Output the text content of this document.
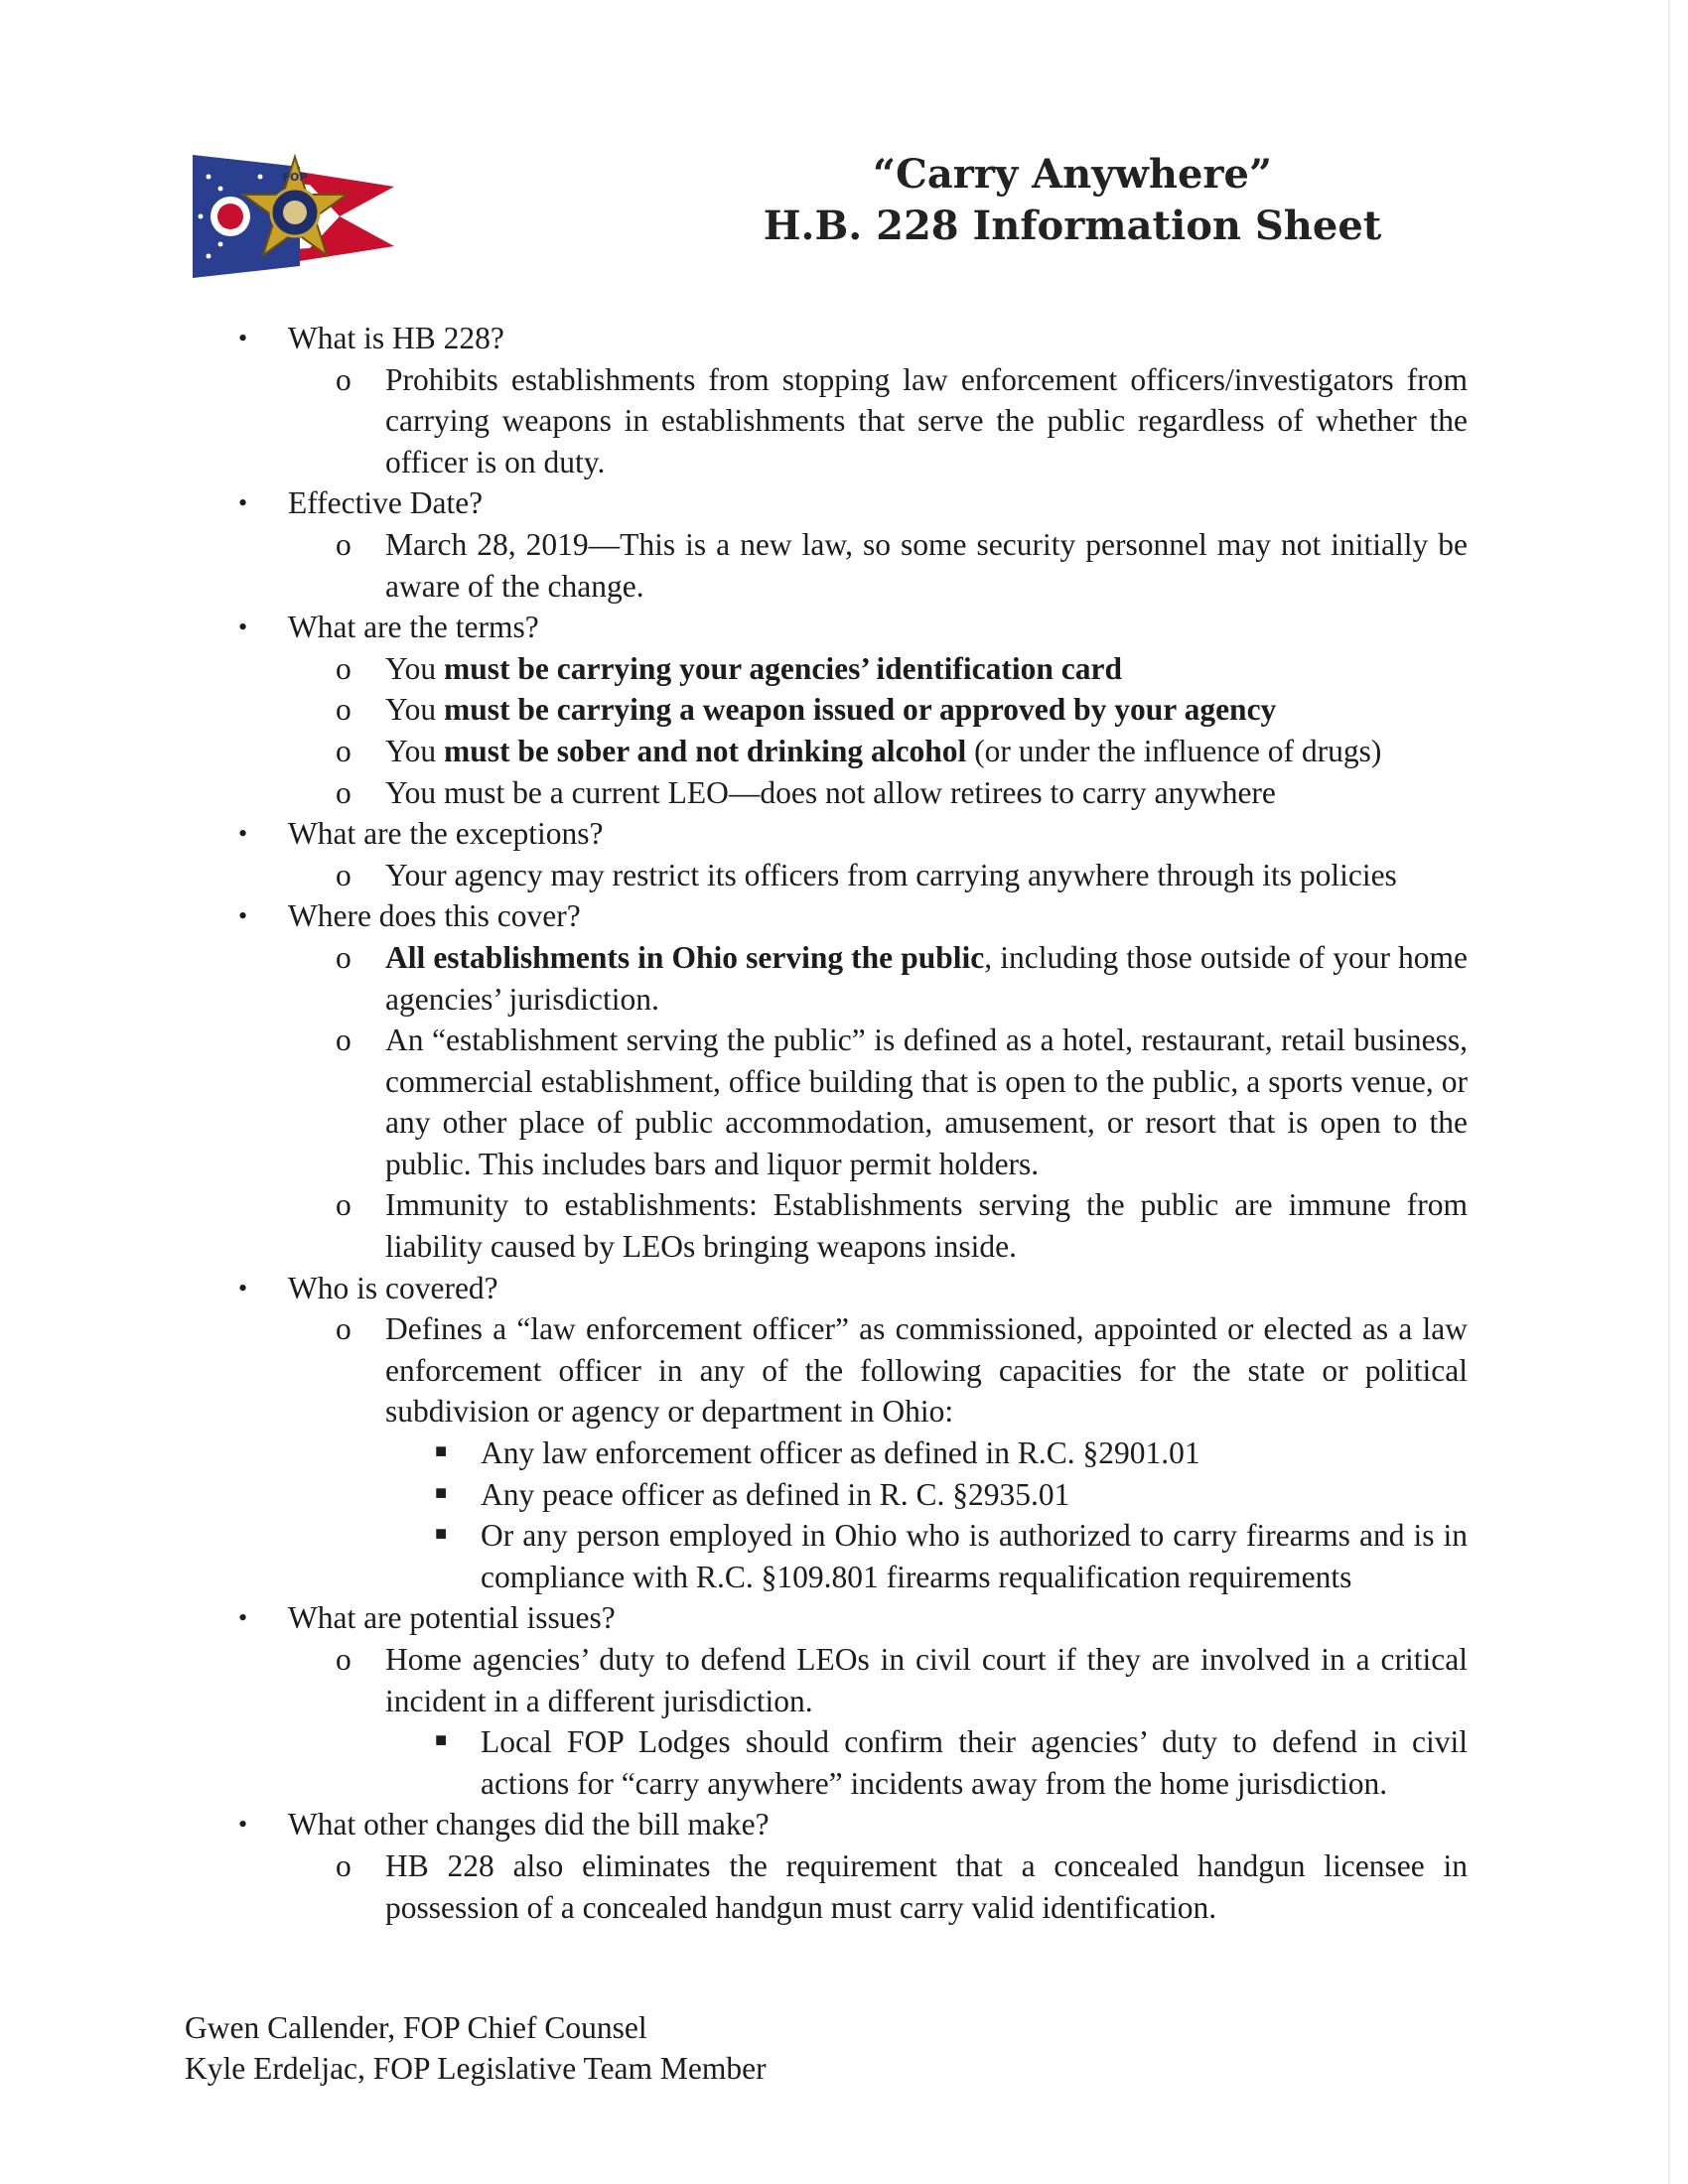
FOP	“Carry Anywhere”
H.B. 228 Information Sheet
• What is HB 228?
o Prohibits establishments from stopping law enforcement officers/investigators from carrying weapons in establishments that serve the public regardless of whether the officer is on duty.
• Effective Date?
o March 28, 2019—This is a new law, so some security personnel may not initially be aware of the change.
• What are the terms?
o You must be carrying your agencies’ identification card
o You must be carrying a weapon issued or approved by your agency
o You must be sober and not drinking alcohol (or under the influence of drugs)
o You must be a current LEO—does not allow retirees to carry anywhere
• What are the exceptions?
o Your agency may restrict its officers from carrying anywhere through its policies
• Where does this cover?
o All establishments in Ohio serving the public, including those outside of your home agencies’ jurisdiction.
o An “establishment serving the public” is defined as a hotel, restaurant, retail business, commercial establishment, office building that is open to the public, a sports venue, or any other place of public accommodation, amusement, or resort that is open to the public. This includes bars and liquor permit holders.
o Immunity to establishments: Establishments serving the public are immune from liability caused by LEOs bringing weapons inside.
• Who is covered?
o Defines a “law enforcement officer” as commissioned, appointed or elected as a law enforcement officer in any of the following capacities for the state or political subdivision or agency or department in Ohio:
■ Any law enforcement officer as defined in R.C. §2901.01
■ Any peace officer as defined in R. C. §2935.01
■ Or any person employed in Ohio who is authorized to carry firearms and is in compliance with R.C. §109.801 firearms requalification requirements
• What are potential issues?
o Home agencies’ duty to defend LEOs in civil court if they are involved in a critical incident in a different jurisdiction.
■ Local FOP Lodges should confirm their agencies’ duty to defend in civil actions for “carry anywhere” incidents away from the home jurisdiction.
• What other changes did the bill make?
o HB 228 also eliminates the requirement that a concealed handgun licensee in possession of a concealed handgun must carry valid identification.
Gwen Callender, FOP Chief Counsel
Kyle Erdeljac, FOP Legislative Team Member
